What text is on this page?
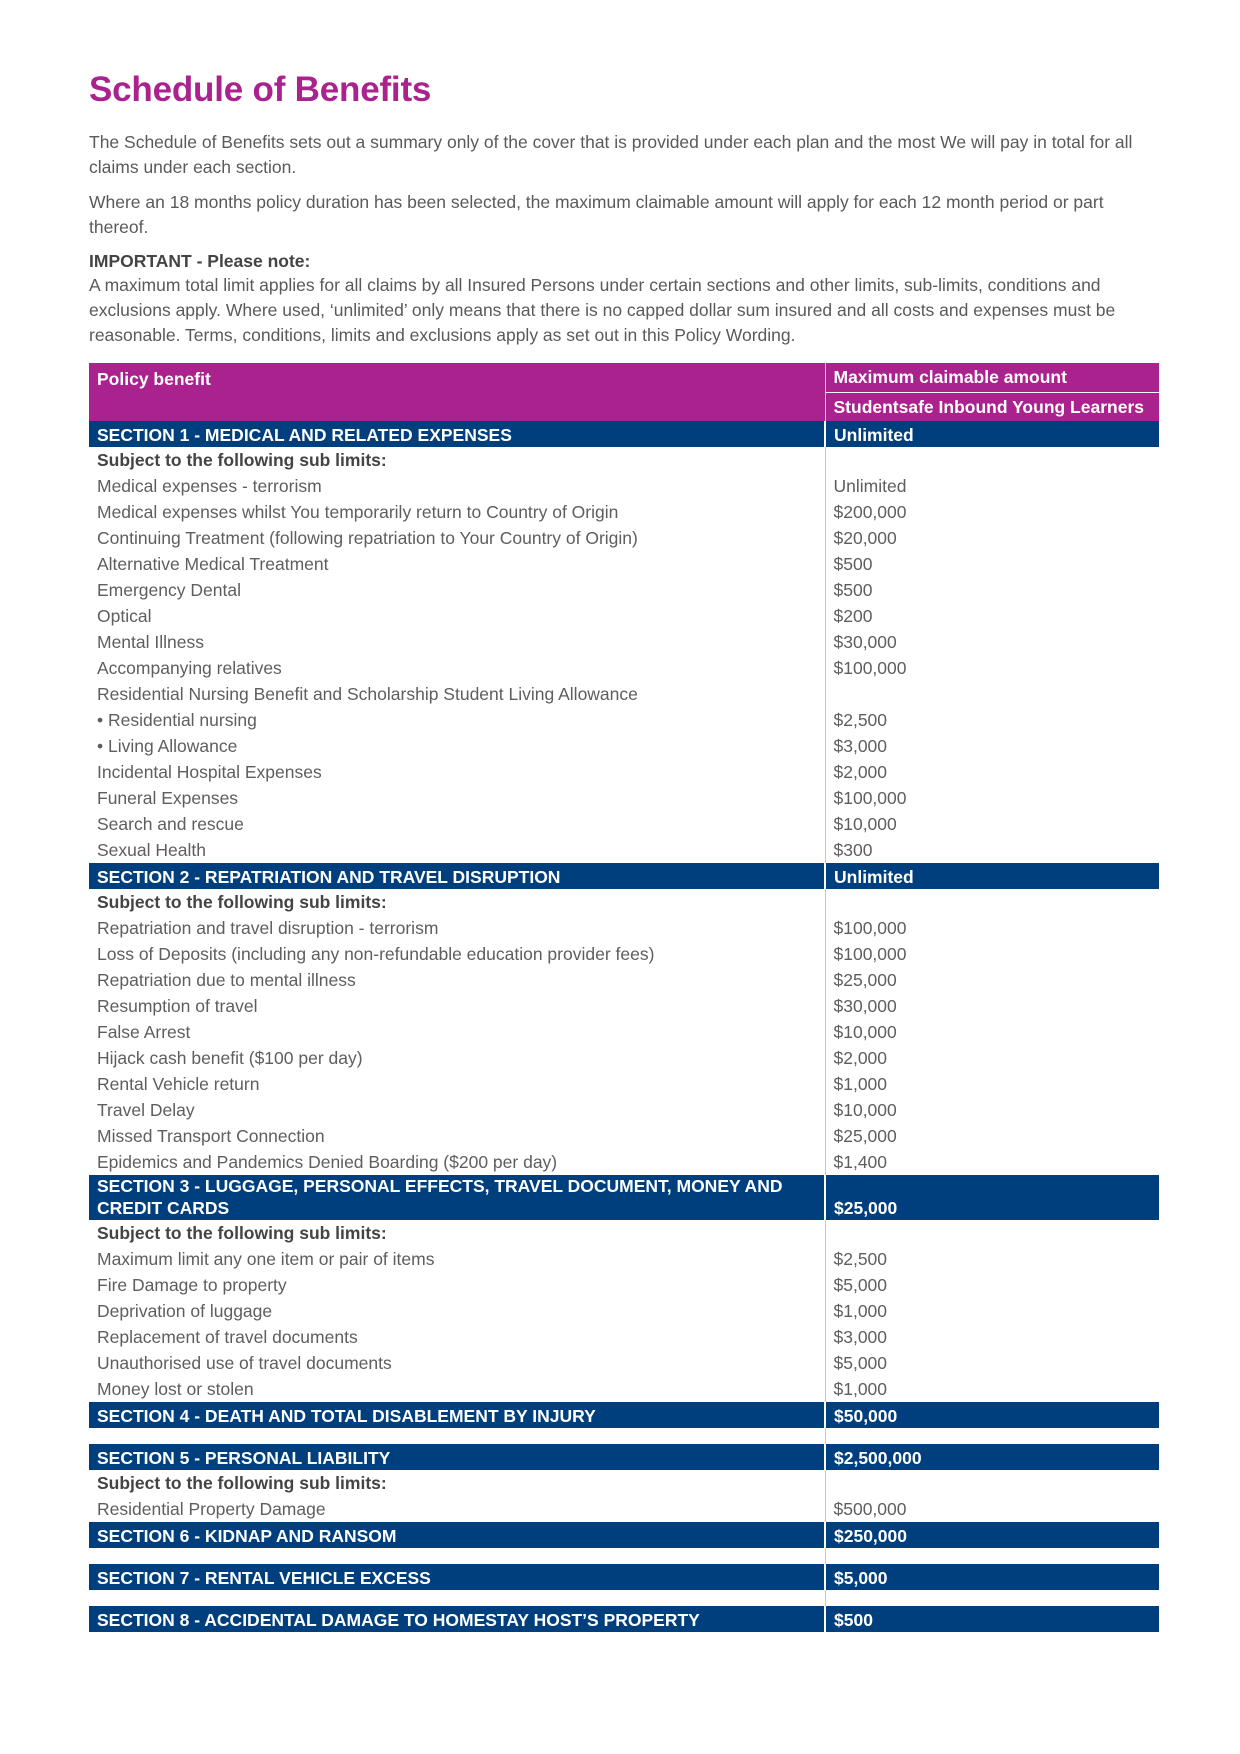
Schedule of Benefits

The Schedule of Benefits sets out a summary only of the cover that is provided under each plan and the most We will pay in total for all claims under each section.

Where an 18 months policy duration has been selected, the maximum claimable amount will apply for each 12 month period or part thereof.

IMPORTANT - Please note:

A maximum total limit applies for all claims by all Insured Persons under certain sections and other limits, sub-limits, conditions and exclusions apply. Where used, ‘unlimited’ only means that there is no capped dollar sum insured and all costs and expenses must be reasonable. Terms, conditions, limits and exclusions apply as set out in this Policy Wording.

Policy benefit	Maximum claimable amount
	Studentsafe Inbound Young Learners
SECTION 1 - MEDICAL AND RELATED EXPENSES	Unlimited
Subject to the following sub limits:	
Medical expenses - terrorism	Unlimited
Medical expenses whilst You temporarily return to Country of Origin	$200,000
Continuing Treatment (following repatriation to Your Country of Origin)	$20,000
Alternative Medical Treatment	$500
Emergency Dental	$500
Optical	$200
Mental Illness	$30,000
Accompanying relatives	$100,000
Residential Nursing Benefit and Scholarship Student Living Allowance	
• Residential nursing	$2,500
• Living Allowance	$3,000
Incidental Hospital Expenses	$2,000
Funeral Expenses	$100,000
Search and rescue	$10,000
Sexual Health	$300
SECTION 2 - REPATRIATION AND TRAVEL DISRUPTION	Unlimited
Subject to the following sub limits:	
Repatriation and travel disruption - terrorism	$100,000
Loss of Deposits (including any non-refundable education provider fees)	$100,000
Repatriation due to mental illness	$25,000
Resumption of travel	$30,000
False Arrest	$10,000
Hijack cash benefit ($100 per day)	$2,000
Rental Vehicle return	$1,000
Travel Delay	$10,000
Missed Transport Connection	$25,000
Epidemics and Pandemics Denied Boarding ($200 per day)	$1,400
SECTION 3 - LUGGAGE, PERSONAL EFFECTS, TRAVEL DOCUMENT, MONEY AND CREDIT CARDS	$25,000
Subject to the following sub limits:	
Maximum limit any one item or pair of items	$2,500
Fire Damage to property	$5,000
Deprivation of luggage	$1,000
Replacement of travel documents	$3,000
Unauthorised use of travel documents	$5,000
Money lost or stolen	$1,000
SECTION 4 - DEATH AND TOTAL DISABLEMENT BY INJURY	$50,000

SECTION 5 - PERSONAL LIABILITY	$2,500,000
Subject to the following sub limits:	
Residential Property Damage	$500,000
SECTION 6 - KIDNAP AND RANSOM	$250,000

SECTION 7 - RENTAL VEHICLE EXCESS	$5,000

SECTION 8 - ACCIDENTAL DAMAGE TO HOMESTAY HOST’S PROPERTY	$500
